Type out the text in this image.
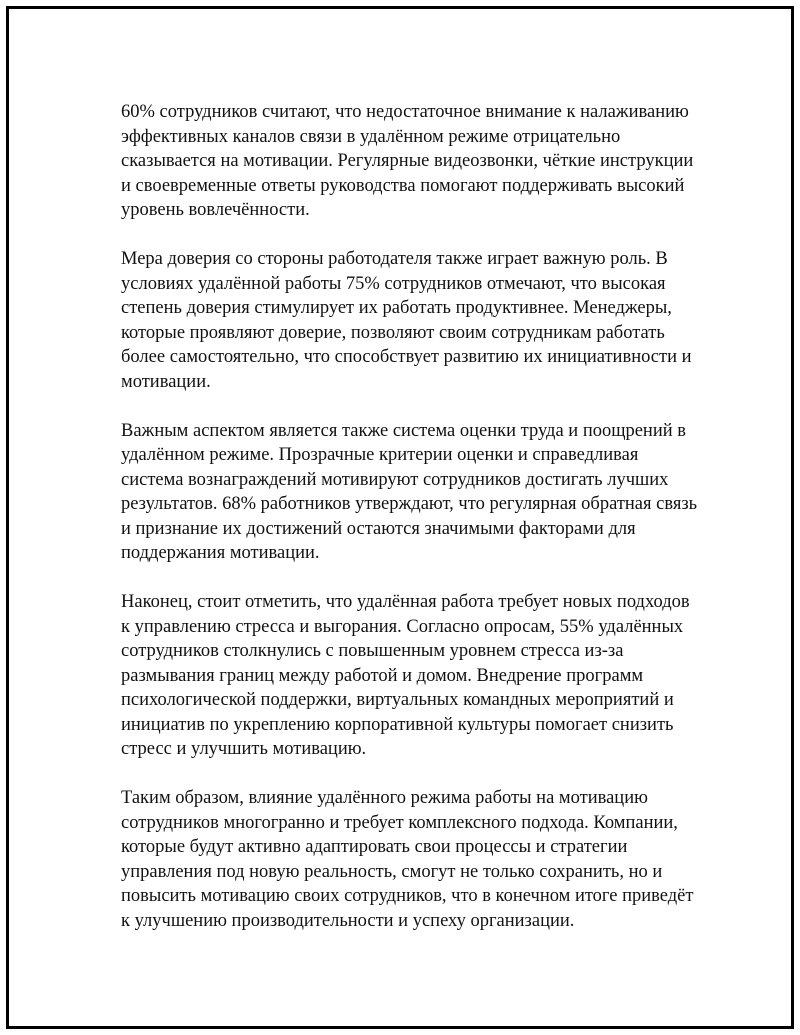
60% сотрудников считают, что недостаточное внимание к налаживанию эффективных каналов связи в удалённом режиме отрицательно сказывается на мотивации. Регулярные видеозвонки, чёткие инструкции и своевременные ответы руководства помогают поддерживать высокий уровень вовлечённости.

Мера доверия со стороны работодателя также играет важную роль. В условиях удалённой работы 75% сотрудников отмечают, что высокая степень доверия стимулирует их работать продуктивнее. Менеджеры, которые проявляют доверие, позволяют своим сотрудникам работать более самостоятельно, что способствует развитию их инициативности и мотивации.

Важным аспектом является также система оценки труда и поощрений в удалённом режиме. Прозрачные критерии оценки и справедливая система вознаграждений мотивируют сотрудников достигать лучших результатов. 68% работников утверждают, что регулярная обратная связь и признание их достижений остаются значимыми факторами для поддержания мотивации.

Наконец, стоит отметить, что удалённая работа требует новых подходов к управлению стресса и выгорания. Согласно опросам, 55% удалённых сотрудников столкнулись с повышенным уровнем стресса из-за размывания границ между работой и домом. Внедрение программ психологической поддержки, виртуальных командных мероприятий и инициатив по укреплению корпоративной культуры помогает снизить стресс и улучшить мотивацию.

Таким образом, влияние удалённого режима работы на мотивацию сотрудников многогранно и требует комплексного подхода. Компании, которые будут активно адаптировать свои процессы и стратегии управления под новую реальность, смогут не только сохранить, но и повысить мотивацию своих сотрудников, что в конечном итоге приведёт к улучшению производительности и успеху организации.
